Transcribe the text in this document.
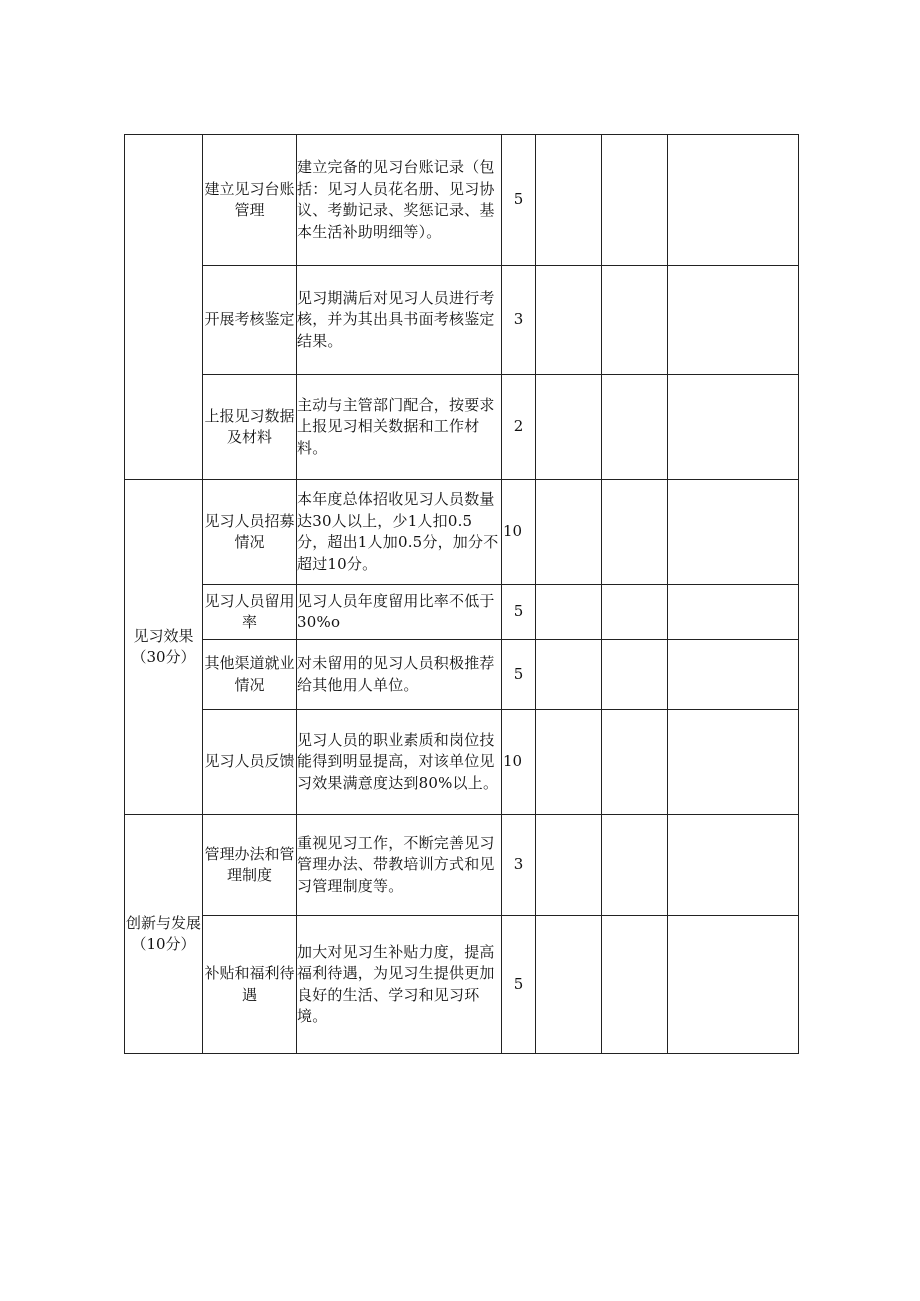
	建立见习台账管理	建立完备的见习台账记录（包括：见习人员花名册、见习协议、考勤记录、奖惩记录、基本生活补助明细等）。	5			
	开展考核鉴定	见习期满后对见习人员进行考核，并为其出具书面考核鉴定结果。	3			
	上报见习数据及材料	主动与主管部门配合，按要求上报见习相关数据和工作材料。	2			
见习效果（30分）	见习人员招募情况	本年度总体招收见习人员数量达30人以上，少1人扣0.5分，超出1人加0.5分，加分不超过10分。	10			
	见习人员留用率	见习人员年度留用比率不低于30%o	5			
	其他渠道就业情况	对未留用的见习人员积极推荐给其他用人单位。	5			
	见习人员反馈	见习人员的职业素质和岗位技能得到明显提高，对该单位见习效果满意度达到80%以上。	10			
创新与发展（10分）	管理办法和管理制度	重视见习工作，不断完善见习管理办法、带教培训方式和见习管理制度等。	3			
	补贴和福利待遇	加大对见习生补贴力度，提高福利待遇，为见习生提供更加良好的生活、学习和见习环境。	5			
